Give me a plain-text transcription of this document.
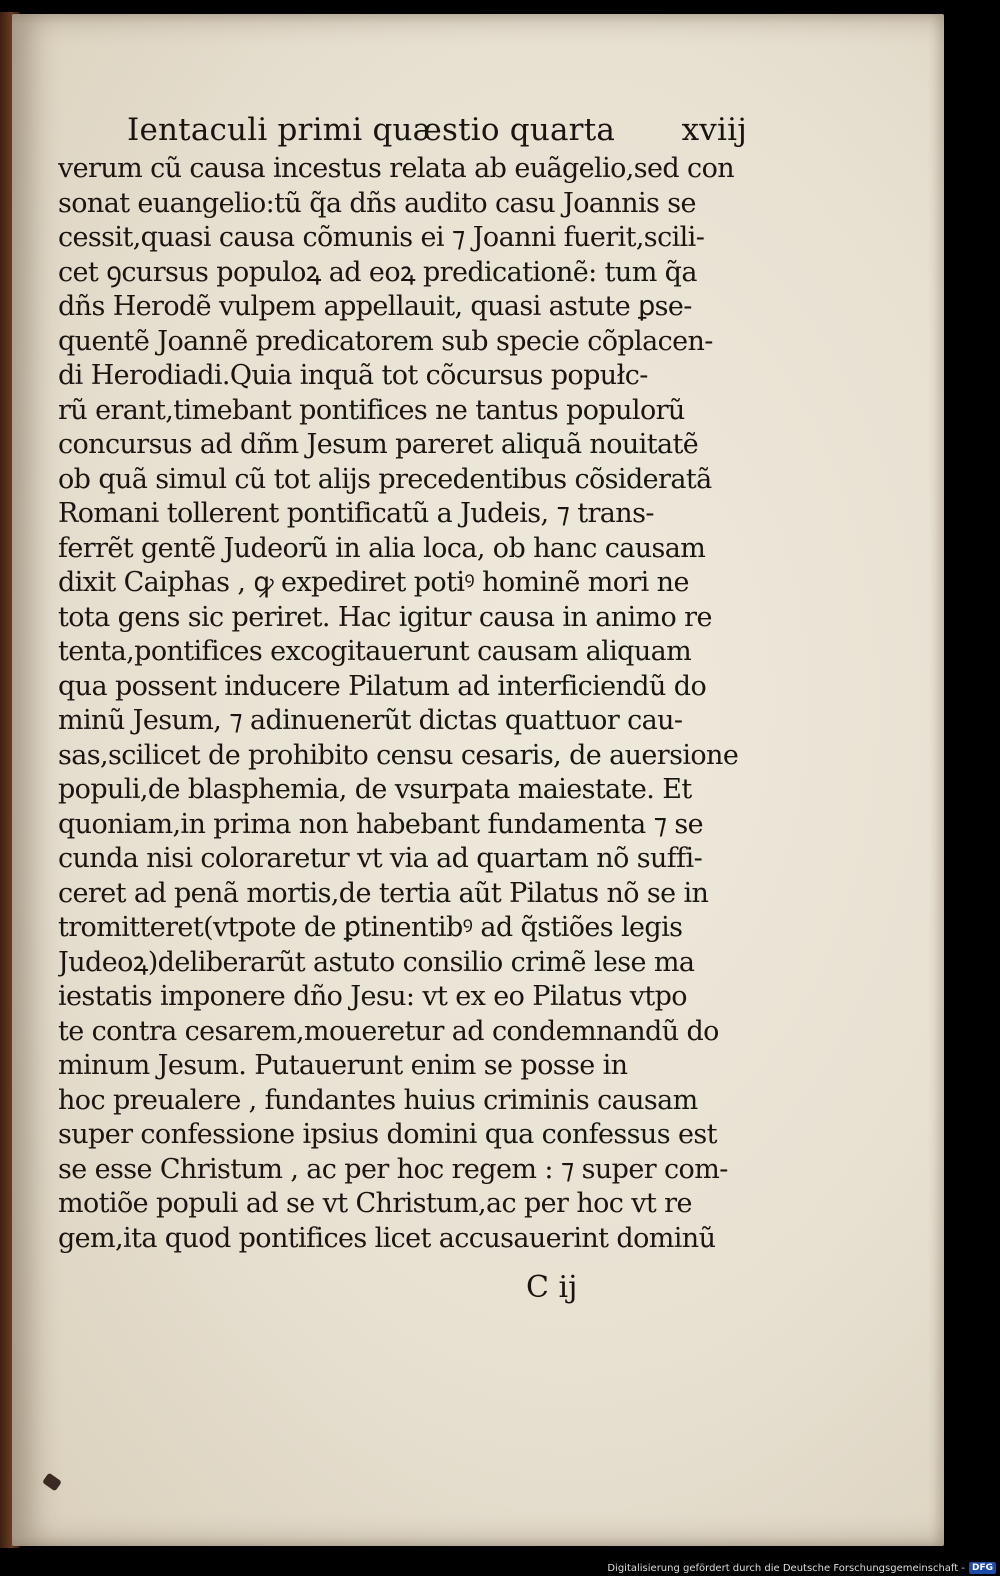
Ientaculi primi quæstio quarta xviij
verum cũ causa incestus relata ab euãgelio,sed con
sonat euangelio:tũ q̃a dñs audito casu Joannis se
cessit,quasi causa cõmunis ei ⁊ Joanni fuerit,scili-
cet ꝯcursus populoꝝ ad eoꝝ predicationẽ: tum q̃a
dñs Herodẽ vulpem appellauit, quasi astute ꝑse-
quentẽ Joannẽ predicatorem sub specie cõplacen-
di Herodiadi.Quia inquã tot cõcursus popułc-
rũ erant,timebant pontifices ne tantus populorũ
concursus ad dñm Jesum pareret aliquã nouitatẽ
ob quã simul cũ tot alijs precedentibus cõsideratã
Romani tollerent pontificatũ a Judeis, ⁊ trans-
ferrẽt gentẽ Judeorũ in alia loca, ob hanc causam
dixit Caiphas , ꝙ expediret potiꝰ hominẽ mori ne
tota gens sic periret. Hac igitur causa in animo re
tenta,pontifices excogitauerunt causam aliquam
qua possent inducere Pilatum ad interficiendũ do
minũ Jesum, ⁊ adinuenerũt dictas quattuor cau-
sas,scilicet de prohibito censu cesaris, de auersione
populi,de blasphemia, de vsurpata maiestate. Et
quoniam,in prima non habebant fundamenta ⁊ se
cunda nisi coloraretur vt via ad quartam nõ suffi-
ceret ad penã mortis,de tertia aũt Pilatus nõ se in
tromitteret(vtpote de ꝑtinentibꝰ ad q̃stiões legis
Judeoꝝ)deliberarũt astuto consilio crimẽ lese ma
iestatis imponere dño Jesu: vt ex eo Pilatus vtpo
te contra cesarem,moueretur ad condemnandũ do
minum Jesum. Putauerunt enim se posse in
hoc preualere , fundantes huius criminis causam
super confessione ipsius domini qua confessus est
se esse Christum , ac per hoc regem : ⁊ super com-
motiõe populi ad se vt Christum,ac per hoc vt re
gem,ita quod pontifices licet accusauerint dominũ
C ij
Digitalisierung gefördert durch die Deutsche Forschungsgemeinschaft - DFG
